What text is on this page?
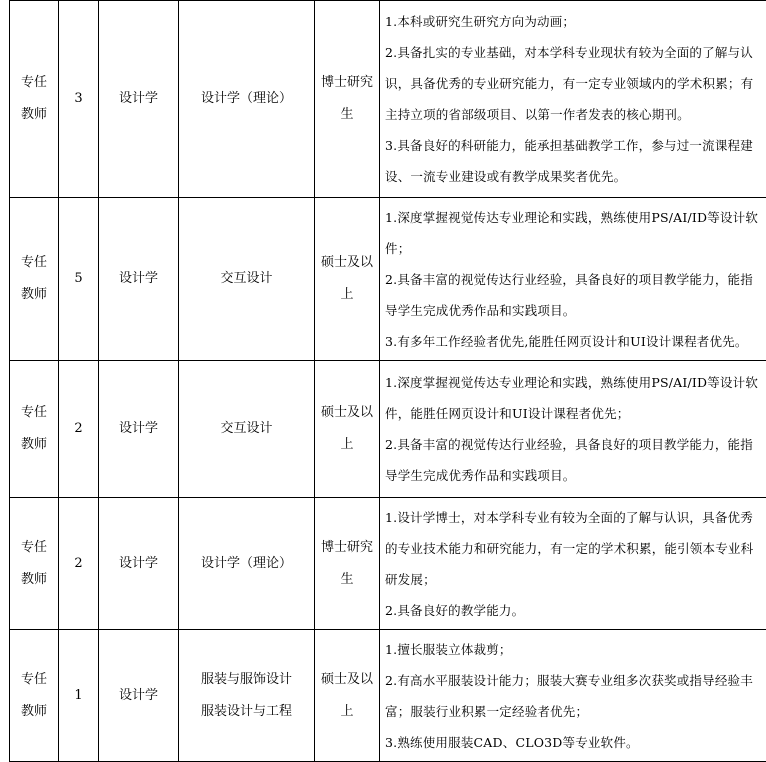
专任教师	3	设计学	设计学（理论）	博士研究生	1.本科或研究生研究方向为动画；
2.具备扎实的专业基础，对本学科专业现状有较为全面的了解与认识，具备优秀的专业研究能力，有一定专业领域内的学术积累；有主持立项的省部级项目、以第一作者发表的核心期刊。
3.具备良好的科研能力，能承担基础教学工作，参与过一流课程建设、一流专业建设或有教学成果奖者优先。

专任教师	5	设计学	交互设计	硕士及以上	1.深度掌握视觉传达专业理论和实践，熟练使用PS/AI/ID等设计软件；
2.具备丰富的视觉传达行业经验，具备良好的项目教学能力，能指导学生完成优秀作品和实践项目。
3.有多年工作经验者优先,能胜任网页设计和UI设计课程者优先。

专任教师	2	设计学	交互设计	硕士及以上	1.深度掌握视觉传达专业理论和实践，熟练使用PS/AI/ID等设计软件，能胜任网页设计和UI设计课程者优先；
2.具备丰富的视觉传达行业经验，具备良好的项目教学能力，能指导学生完成优秀作品和实践项目。

专任教师	2	设计学	设计学（理论）	博士研究生	1.设计学博士，对本学科专业有较为全面的了解与认识，具备优秀的专业技术能力和研究能力，有一定的学术积累，能引领本专业科研发展；
2.具备良好的教学能力。

专任教师	1	设计学	服装与服饰设计
服装设计与工程	硕士及以上	1.擅长服装立体裁剪；
2.有高水平服装设计能力；服装大赛专业组多次获奖或指导经验丰富；服装行业积累一定经验者优先；
3.熟练使用服装CAD、CLO3D等专业软件。
